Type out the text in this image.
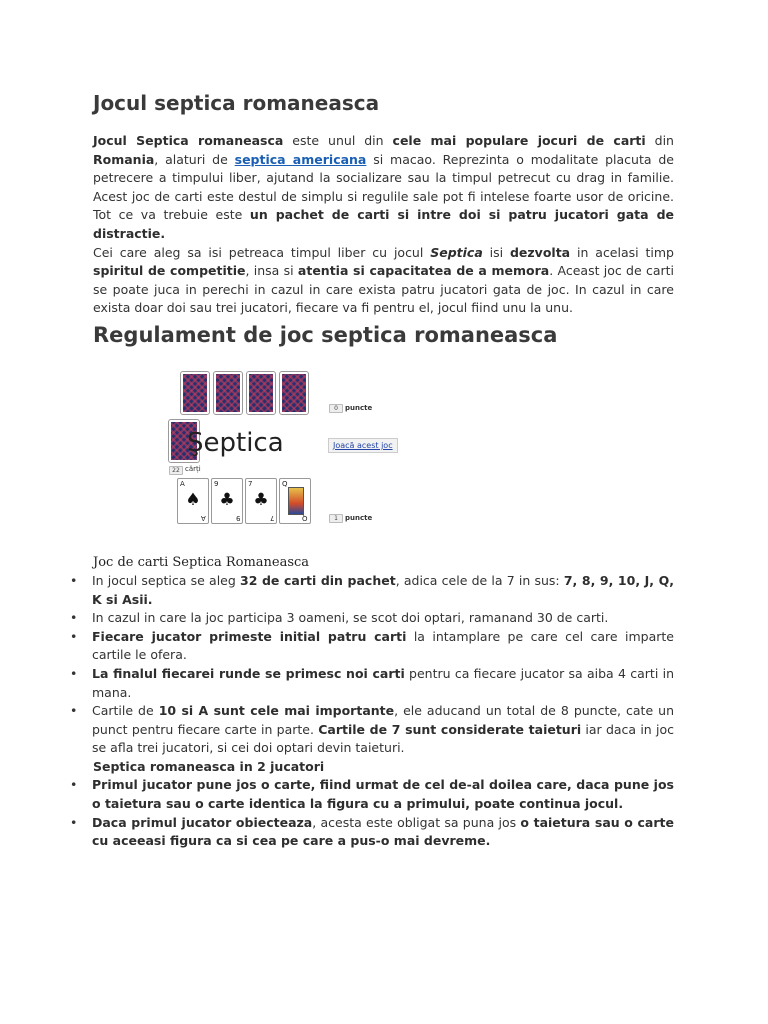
Jocul septica romaneasca

Jocul Septica romaneasca este unul din cele mai populare jocuri de carti din Romania, alaturi de septica americana si macao. Reprezinta o modalitate placuta de petrecere a timpului liber, ajutand la socializare sau la timpul petrecut cu drag in familie. Acest joc de carti este destul de simplu si regulile sale pot fi intelese foarte usor de oricine. Tot ce va trebuie este un pachet de carti si intre doi si patru jucatori gata de distractie.

Cei care aleg sa isi petreaca timpul liber cu jocul Septica isi dezvolta in acelasi timp spiritul de competitie, insa si atentia si capacitatea de a memora. Aceast joc de carti se poate juca in perechi in cazul in care exista patru jucatori gata de joc. In cazul in care exista doar doi sau trei jucatori, fiecare va fi pentru el, jocul fiind unu la unu.

Regulament de joc septica romaneasca
0	puncte
22 cărți
Şeptica	Joacă acest joc
A
♠
A
9
♣
9
7
♣
7
Q
Q	1	puncte
Joc de carti Septica Romaneasca
• In jocul septica se aleg 32 de carti din pachet, adica cele de la 7 in sus: 7, 8, 9, 10, J, Q, K si Asii.
• In cazul in care la joc participa 3 oameni, se scot doi optari, ramanand 30 de carti.
• Fiecare jucator primeste initial patru carti la intamplare pe care cel care imparte cartile le ofera.
• La finalul fiecarei runde se primesc noi carti pentru ca fiecare jucator sa aiba 4 carti in mana.
• Cartile de 10 si A sunt cele mai importante, ele aducand un total de 8 puncte, cate un punct pentru fiecare carte in parte. Cartile de 7 sunt considerate taieturi iar daca in joc se afla trei jucatori, si cei doi optari devin taieturi.

Septica romaneasca in 2 jucatori

• Primul jucator pune jos o carte, fiind urmat de cel de-al doilea care, daca pune jos o taietura sau o carte identica la figura cu a primului, poate continua jocul.
• Daca primul jucator obiecteaza, acesta este obligat sa puna jos o taietura sau o carte cu aceeasi figura ca si cea pe care a pus-o mai devreme.
